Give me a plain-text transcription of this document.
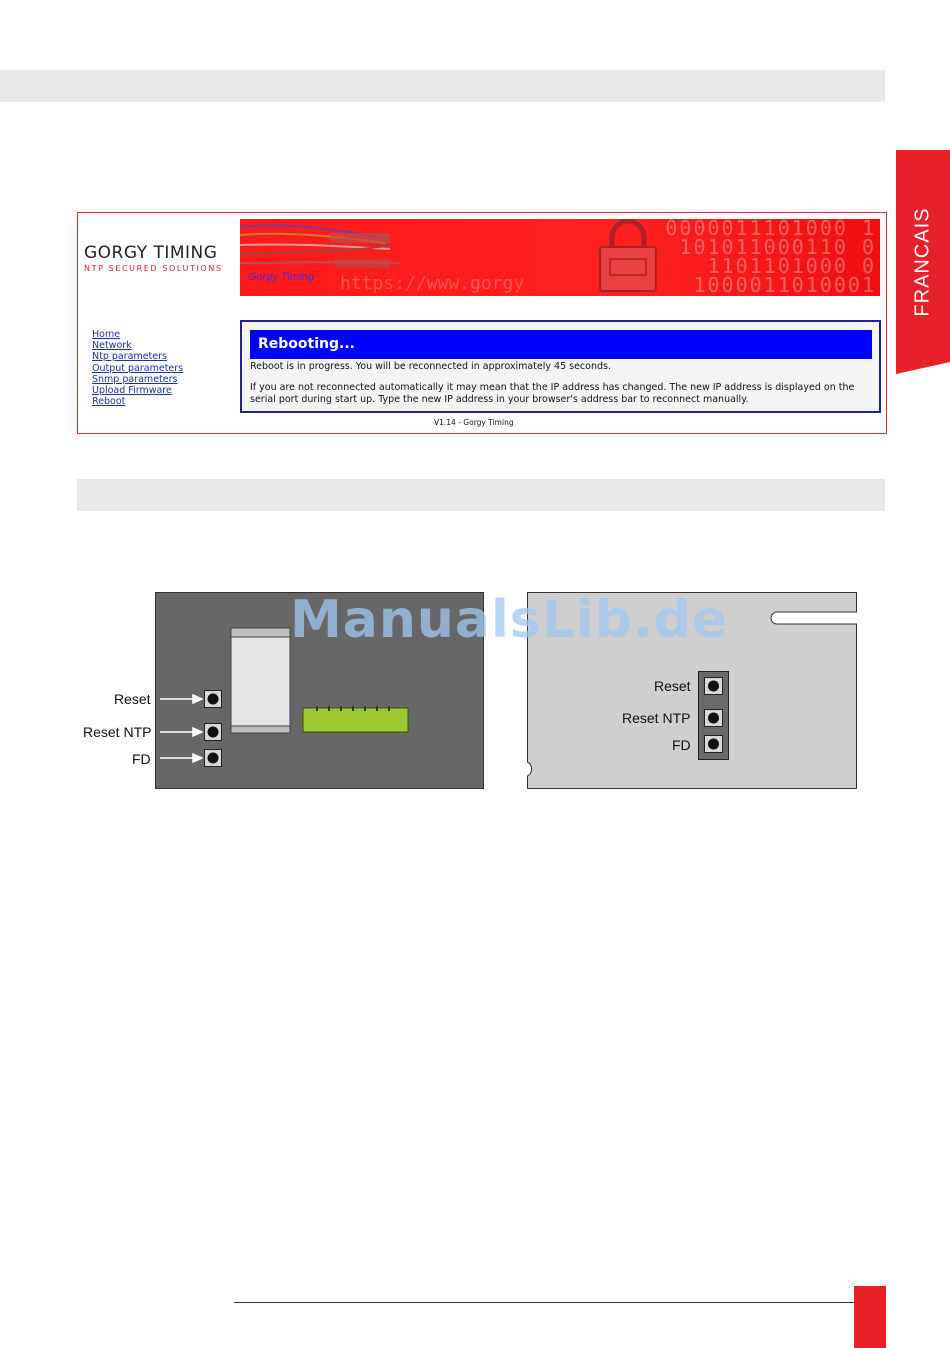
FRANCAIS
GORGY TIMING
NTP SECURED SOLUTIONS
https://www.gorgy
0000011101000 1
101011000110 0
1101101000 0
1000011010001
Gorgy Timing
Home
Network
Ntp parameters
Output parameters
Snmp parameters
Upload Firmware
Reboot
Rebooting...
Reboot is in progress. You will be reconnected in approximately 45 seconds.
If you are not reconnected automatically it may mean that the IP address has changed. The new IP address is displayed on the serial port during start up. Type the new IP address in your browser's address bar to reconnect manually.
V1.14 - Gorgy Timing
Reset
Reset NTP
FD
Reset
Reset NTP
FD
ManualsLib.de
